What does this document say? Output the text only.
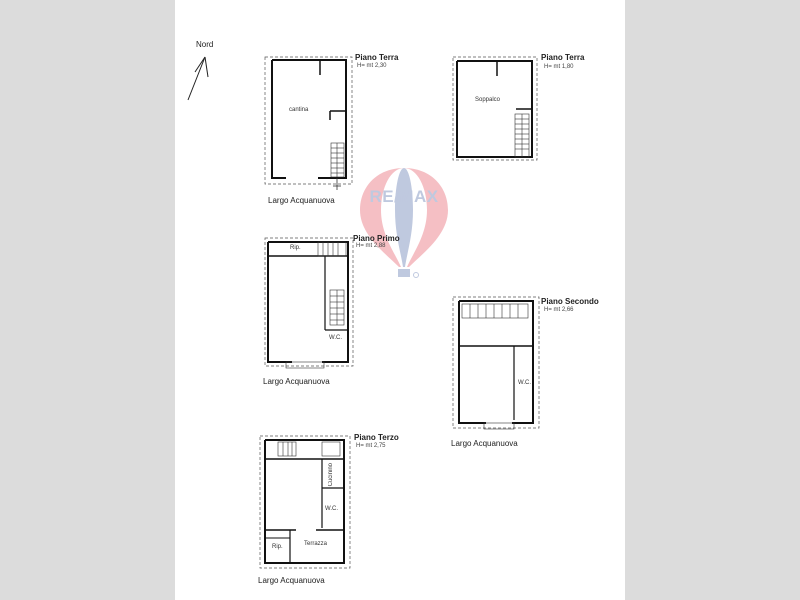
RE/MAX
Nord
Piano Terra
H= mt 2,30
cantina
Largo Acquanuova
Piano Terra
H= mt 1,80
Soppalco
Piano Primo
H= mt 2,88
Rip.
W.C.
Largo Acquanuova
Piano Secondo
H= mt 2,66
W.C.
Largo Acquanuova
Piano Terzo
H= mt 2,75
Cucinino
W.C.
Rip.	Terrazza
Largo Acquanuova
